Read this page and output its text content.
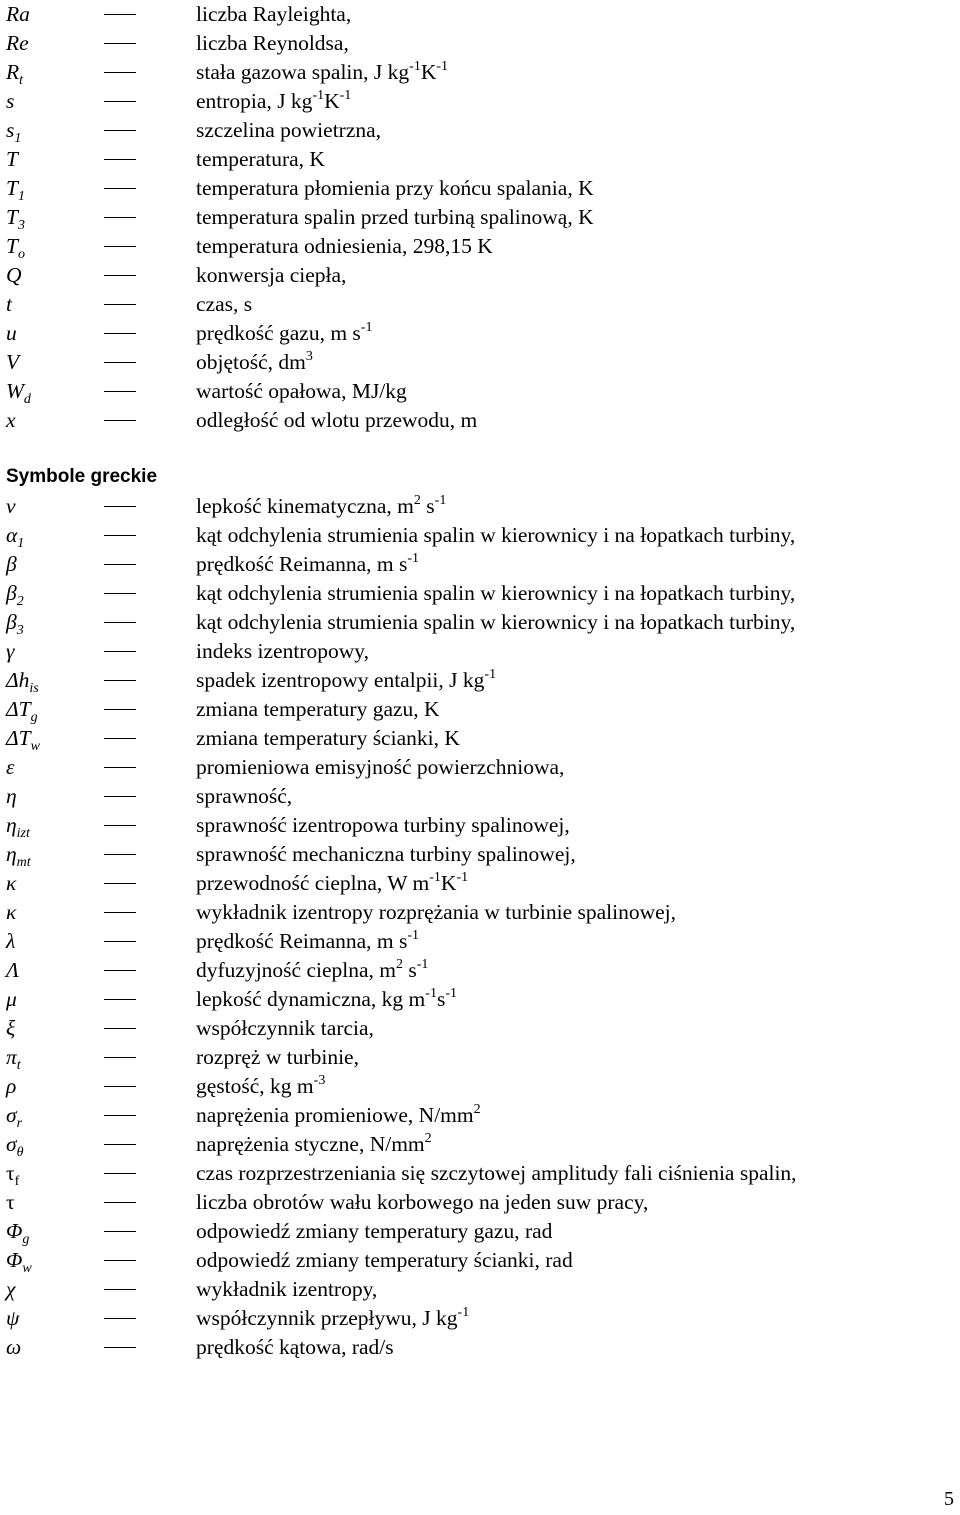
Ra	liczba Rayleighta,
Re	liczba Reynoldsa,
$R_t$	stała gazowa spalin, J $kg^{-1}K^{-1}$
s	entropia, J $kg^{-1}K^{-1}$
$s_1$	szczelina powietrzna,
T	temperatura, K
$T_1$	temperatura płomienia przy końcu spalania, K
$T_3$	temperatura spalin przed turbiną spalinową, K
$T_o$	temperatura odniesienia, 298,15 K
Q	konwersja ciepła,
t	czas, s
u	prędkość gazu, m $s^{-1}$
V	objętość, $dm^3$
$W_d$	wartość opałowa, MJ/kg
x	odległość od wlotu przewodu, m
Symbole greckie
ν	lepkość kinematyczna, $m^2$ $s^{-1}$
$\alpha_1$	kąt odchylenia strumienia spalin w kierownicy i na łopatkach turbiny,
β	prędkość Reimanna, m $s^{-1}$
$\beta_2$	kąt odchylenia strumienia spalin w kierownicy i na łopatkach turbiny,
$\beta_3$	kąt odchylenia strumienia spalin w kierownicy i na łopatkach turbiny,
γ	indeks izentropowy,
$\Delta h_{is}$	spadek izentropowy entalpii, J $kg^{-1}$
$\Delta T_g$	zmiana temperatury gazu, K
$\Delta T_w$	zmiana temperatury ścianki, K
ε	promieniowa emisyjność powierzchniowa,
η	sprawność,
$\eta_{izt}$	sprawność izentropowa turbiny spalinowej,
$\eta_{mt}$	sprawność mechaniczna turbiny spalinowej,
κ	przewodność cieplna, W $m^{-1}K^{-1}$
κ	wykładnik izentropy rozprężania w turbinie spalinowej,
λ	prędkość Reimanna, m $s^{-1}$
Λ	dyfuzyjność cieplna, $m^2$ $s^{-1}$
μ	lepkość dynamiczna, kg $m^{-1}s^{-1}$
ξ	współczynnik tarcia,
$\pi_t$	rozpręż w turbinie,
ρ	gęstość, kg $m^{-3}$
$\sigma_r$	naprężenia promieniowe, $N/mm^2$
$\sigma_\theta$	naprężenia styczne, $N/mm^2$
$\tau_f$	czas rozprzestrzeniania się szczytowej amplitudy fali ciśnienia spalin,
τ	liczba obrotów wału korbowego na jeden suw pracy,
$\Phi_g$	odpowiedź zmiany temperatury gazu, rad
$\Phi_w$	odpowiedź zmiany temperatury ścianki, rad
χ	wykładnik izentropy,
ψ	współczynnik przepływu, J $kg^{-1}$
ω	prędkość kątowa, rad/s
5
